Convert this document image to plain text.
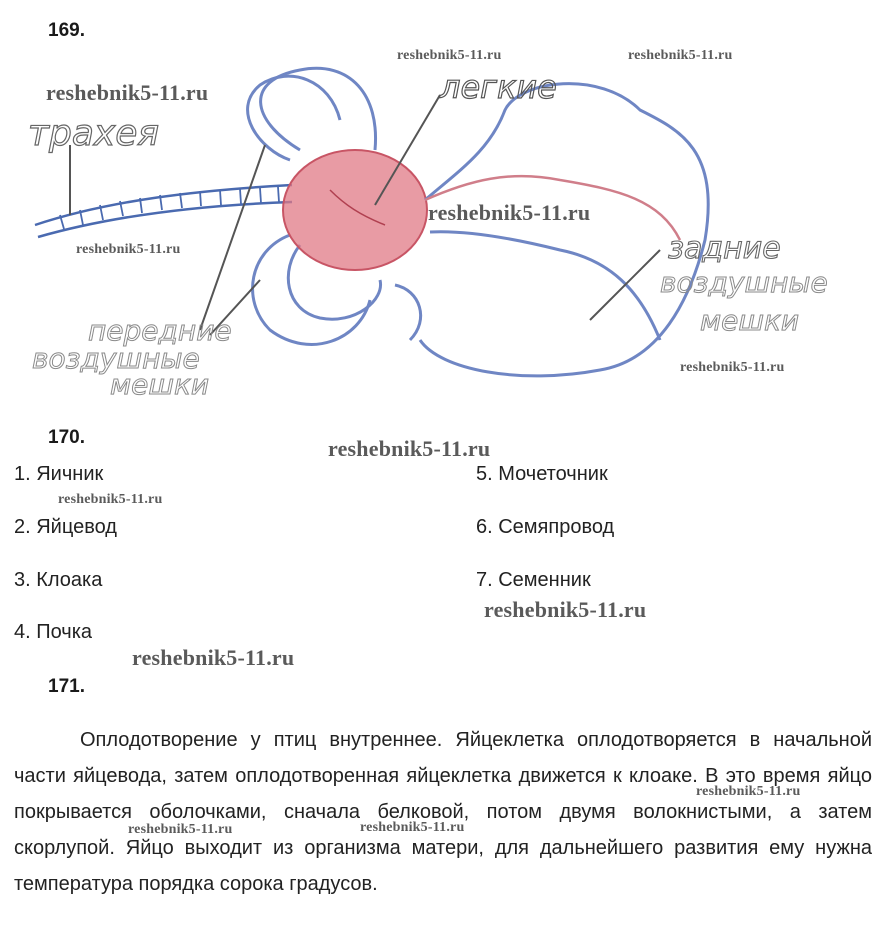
169.
трахея
легкие
задние
воздушные
мешки
передние
воздушные
мешки
reshebnik5-11.ru	reshebnik5-11.ru
reshebnik5-11.ru
reshebnik5-11.ru
reshebnik5-11.ru
reshebnik5-11.ru
170.	reshebnik5-11.ru
1. Яичник
2. Яйцевод
3. Клоака
4. Почка
5. Мочеточник
6. Семяпровод
7. Семенник
reshebnik5-11.ru
reshebnik5-11.ru
reshebnik5-11.ru
171.
Оплодотворение у птиц внутреннее. Яйцеклетка оплодотворяется в начальной части яйцевода, затем оплодотворенная яйцеклетка движется к клоаке. В это время яйцо покрывается оболочками, сначала белковой, потом двумя волокнистыми, а затем скорлупой. Яйцо выходит из организма матери, для дальнейшего развития ему нужна температура порядка сорока градусов.
reshebnik5-11.ru
reshebnik5-11.ru	reshebnik5-11.ru
